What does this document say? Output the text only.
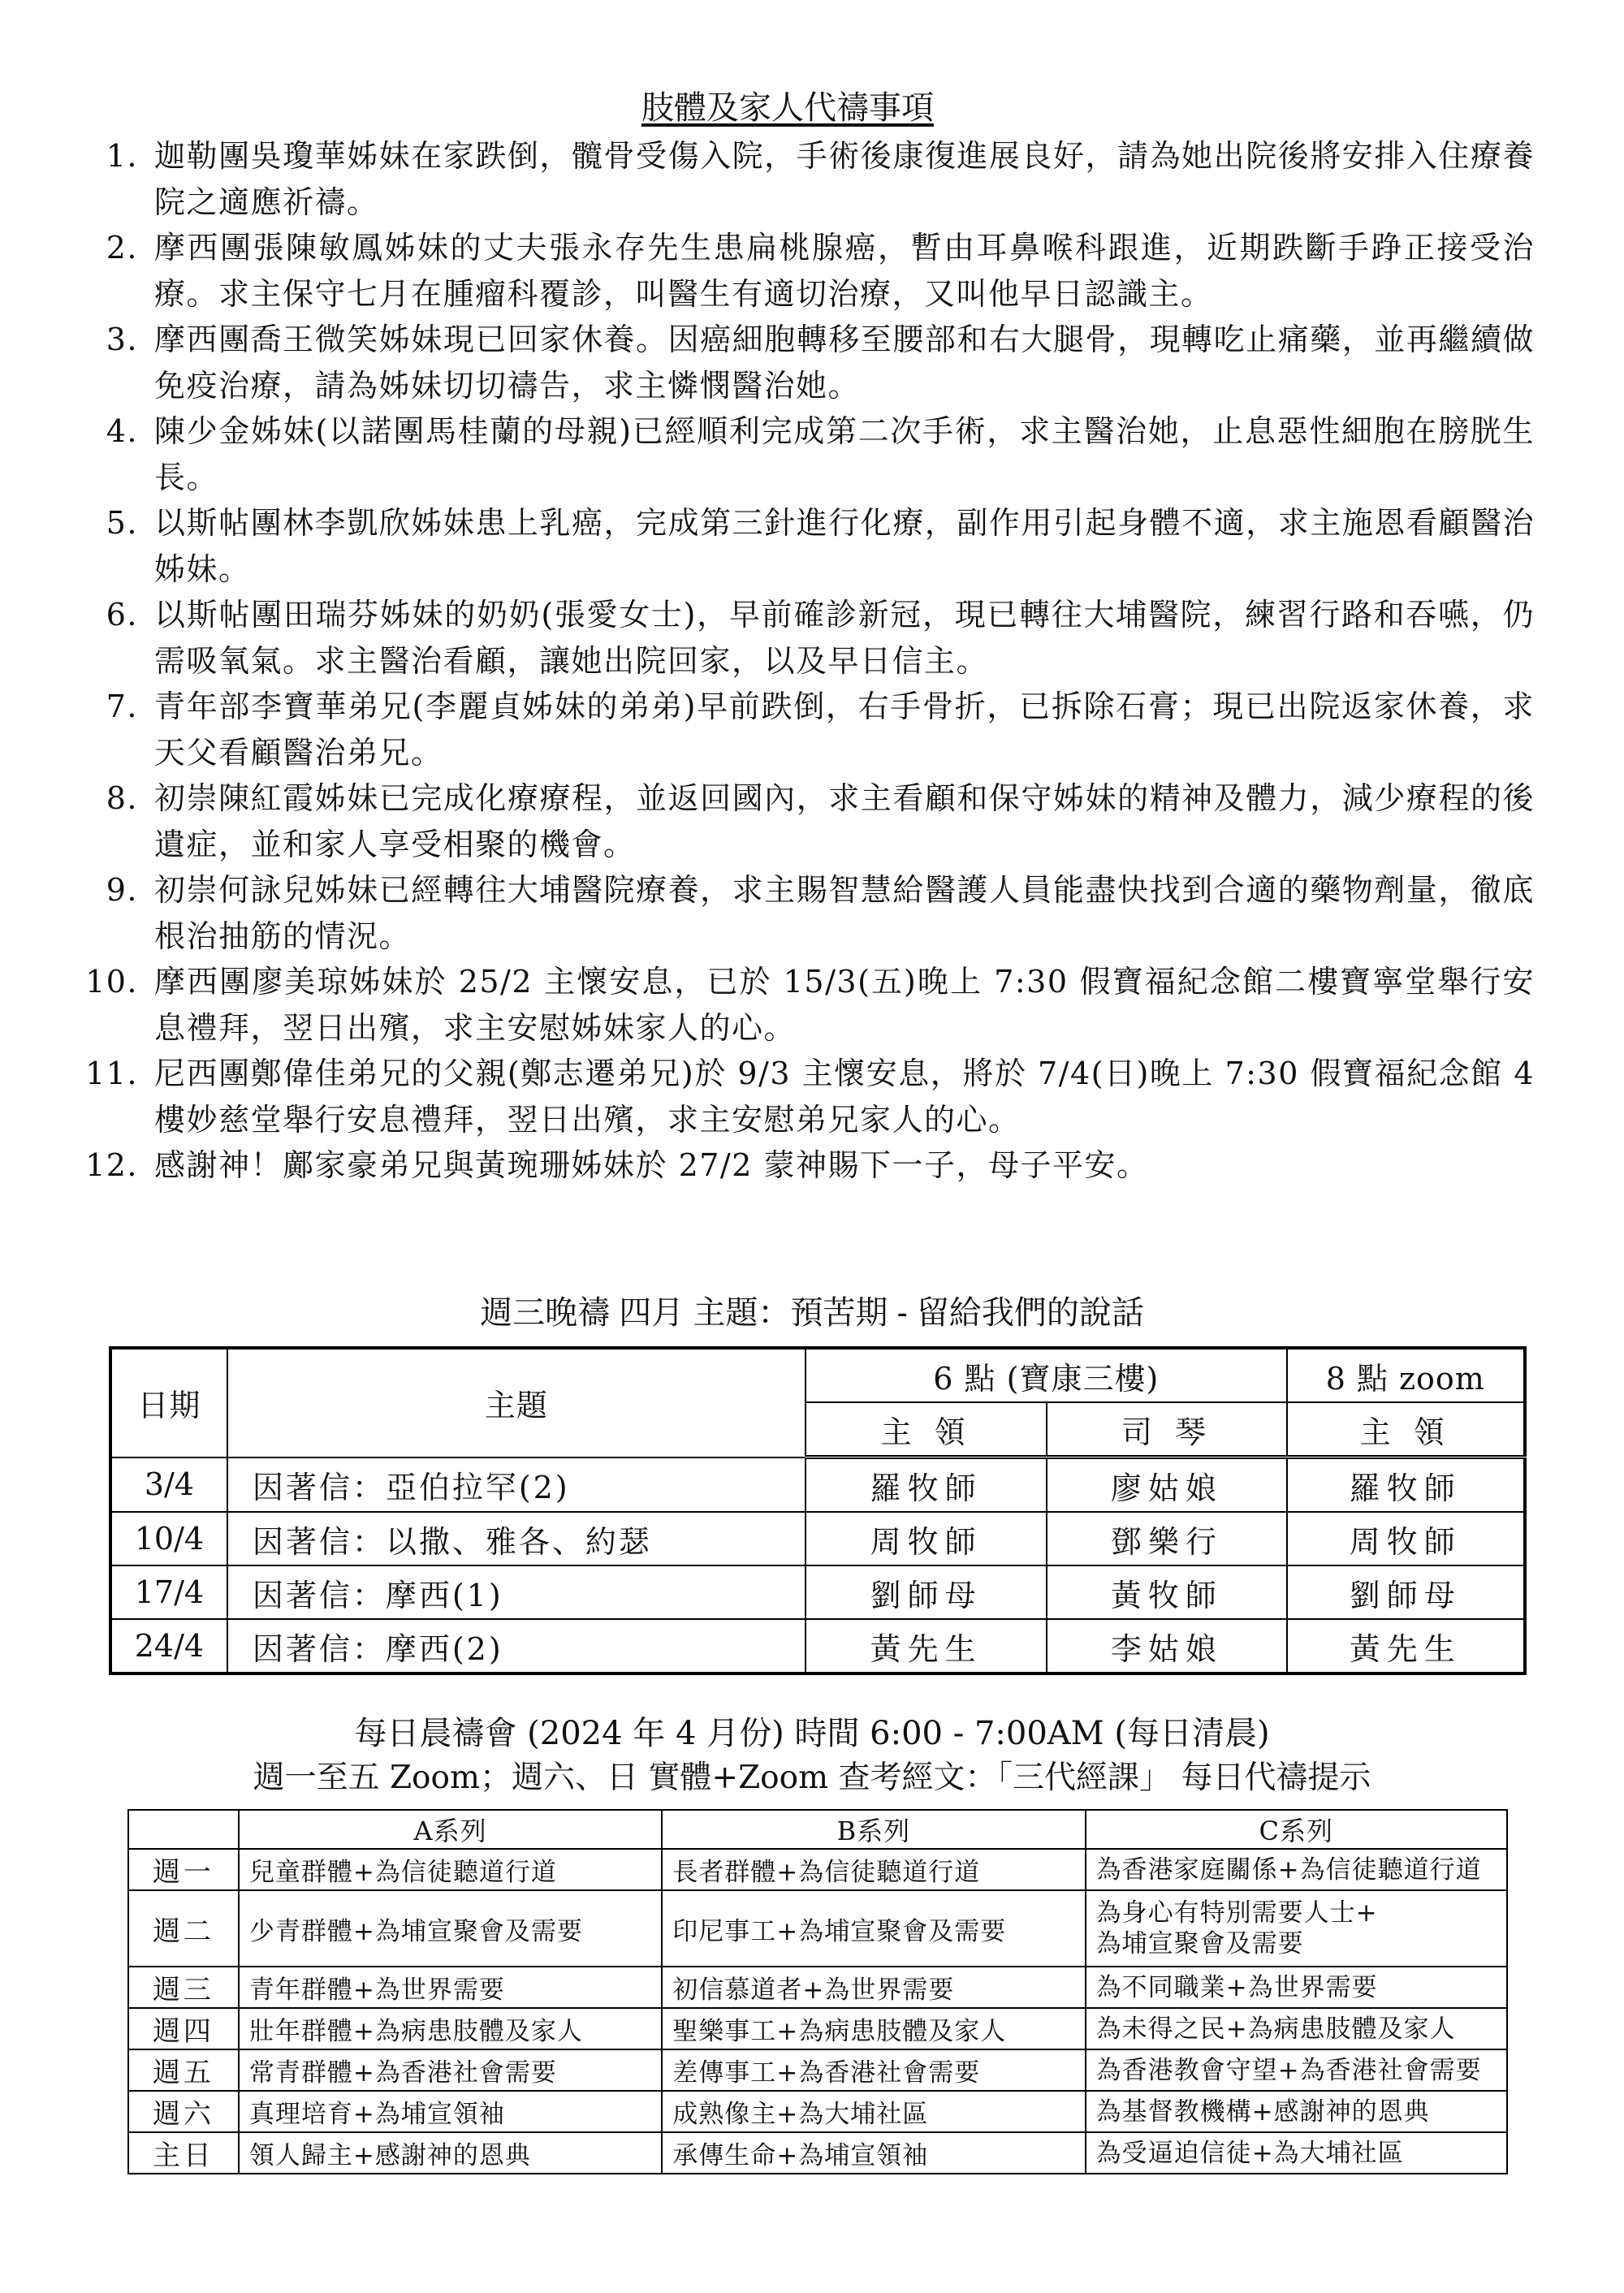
肢體及家人代禱事項
1. 迦勒團吳瓊華姊妹在家跌倒，髖骨受傷入院，手術後康復進展良好，請為她出院後將安排入住療養院之適應祈禱。
2. 摩西團張陳敏鳳姊妹的丈夫張永存先生患扁桃腺癌，暫由耳鼻喉科跟進，近期跌斷手踭正接受治療。求主保守七月在腫瘤科覆診，叫醫生有適切治療，又叫他早日認識主。
3. 摩西團喬王微笑姊妹現已回家休養。因癌細胞轉移至腰部和右大腿骨，現轉吃止痛藥，並再繼續做免疫治療，請為姊妹切切禱告，求主憐憫醫治她。
4. 陳少金姊妹(以諾團馬桂蘭的母親)已經順利完成第二次手術，求主醫治她，止息惡性細胞在膀胱生長。
5. 以斯帖團林李凱欣姊妹患上乳癌，完成第三針進行化療，副作用引起身體不適，求主施恩看顧醫治姊妹。
6. 以斯帖團田瑞芬姊妹的奶奶(張愛女士)，早前確診新冠，現已轉往大埔醫院，練習行路和吞嚥，仍需吸氧氣。求主醫治看顧，讓她出院回家，以及早日信主。
7. 青年部李寶華弟兄(李麗貞姊妹的弟弟)早前跌倒，右手骨折，已拆除石膏；現已出院返家休養，求天父看顧醫治弟兄。
8. 初崇陳紅霞姊妹已完成化療療程，並返回國內，求主看顧和保守姊妹的精神及體力，減少療程的後遺症，並和家人享受相聚的機會。
9. 初崇何詠兒姊妹已經轉往大埔醫院療養，求主賜智慧給醫護人員能盡快找到合適的藥物劑量，徹底根治抽筋的情況。
10. 摩西團廖美琼姊妹於 25/2 主懷安息，已於 15/3(五)晚上 7:30 假寶福紀念館二樓寶寧堂舉行安息禮拜，翌日出殯，求主安慰姊妹家人的心。
11. 尼西團鄭偉佳弟兄的父親(鄭志遷弟兄)於 9/3 主懷安息，將於 7/4(日)晚上 7:30 假寶福紀念館 4 樓妙慈堂舉行安息禮拜，翌日出殯，求主安慰弟兄家人的心。
12. 感謝神！鄺家豪弟兄與黃琬珊姊妹於 27/2 蒙神賜下一子，母子平安。
週三晚禱 四月 主題：預苦期 - 留給我們的說話
日期	主題	6 點 (寶康三樓)		8 點 zoom
		主 領	司 琴	主 領
3/4	因著信：亞伯拉罕(2)	羅牧師	廖姑娘	羅牧師
10/4	因著信：以撒、雅各、約瑟	周牧師	鄧樂行	周牧師
17/4	因著信：摩西(1)	劉師母	黃牧師	劉師母
24/4	因著信：摩西(2)	黃先生	李姑娘	黃先生
每日晨禱會 (2024 年 4 月份) 時間 6:00 - 7:00AM (每日清晨)
週一至五 Zoom；週六、日 實體+Zoom 查考經文：「三代經課」 每日代禱提示
	A系列	B系列	C系列
週一	兒童群體+為信徒聽道行道	長者群體+為信徒聽道行道	為香港家庭關係+為信徒聽道行道

週二	少青群體+為埔宣聚會及需要	印尼事工+為埔宣聚會及需要	為身心有特別需要人士+
為埔宣聚會及需要

週三	青年群體+為世界需要	初信慕道者+為世界需要	為不同職業+為世界需要

週四	壯年群體+為病患肢體及家人	聖樂事工+為病患肢體及家人	為未得之民+為病患肢體及家人

週五	常青群體+為香港社會需要	差傳事工+為香港社會需要	為香港教會守望+為香港社會需要

週六	真理培育+為埔宣領袖	成熟像主+為大埔社區	為基督教機構+感謝神的恩典

主日	領人歸主+感謝神的恩典	承傳生命+為埔宣領袖	為受逼迫信徒+為大埔社區
